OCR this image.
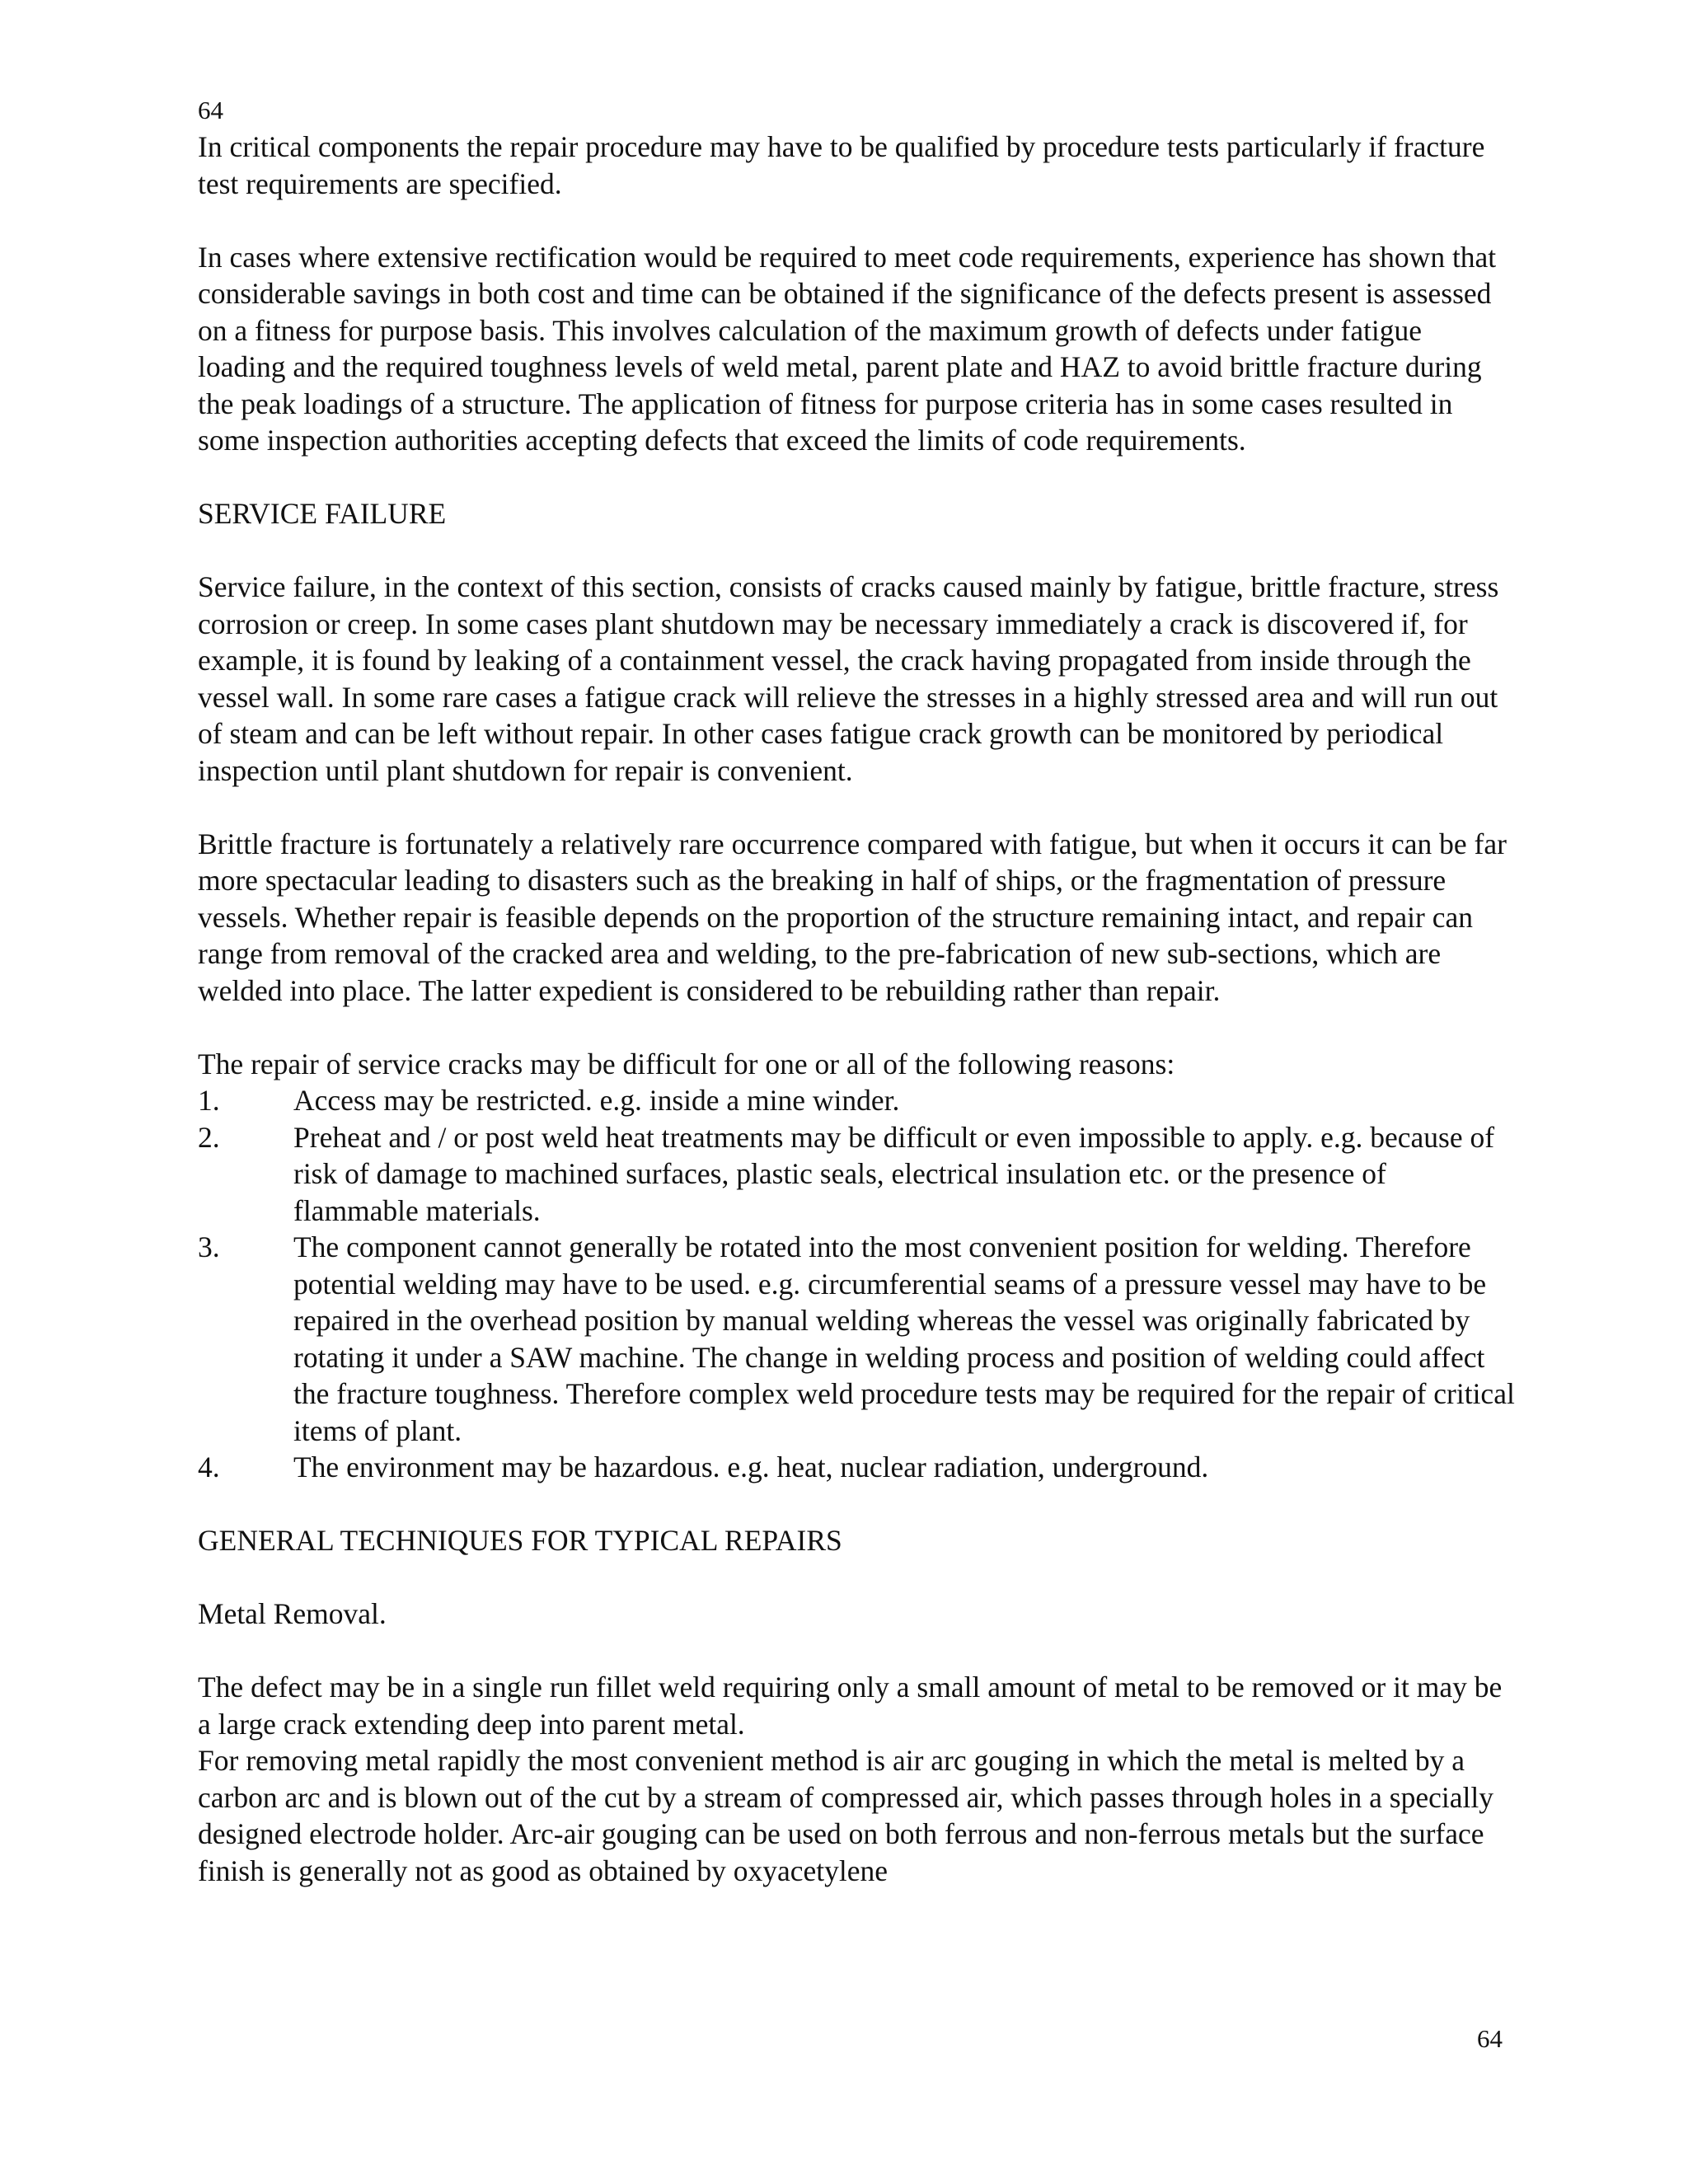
64

In critical components the repair procedure may have to be qualified by procedure tests particularly if fracture test requirements are specified.

In cases where extensive rectification would be required to meet code requirements, experience has shown that considerable savings in both cost and time can be obtained if the significance of the defects present is assessed on a fitness for purpose basis. This involves calculation of the maximum growth of defects under fatigue loading and the required toughness levels of weld metal, parent plate and HAZ to avoid brittle fracture during the peak loadings of a structure. The application of fitness for purpose criteria has in some cases resulted in some inspection authorities accepting defects that exceed the limits of code requirements.

SERVICE FAILURE

Service failure, in the context of this section, consists of cracks caused mainly by fatigue, brittle fracture, stress corrosion or creep. In some cases plant shutdown may be necessary immediately a crack is discovered if, for example, it is found by leaking of a containment vessel, the crack having propagated from inside through the vessel wall. In some rare cases a fatigue crack will relieve the stresses in a highly stressed area and will run out of steam and can be left without repair. In other cases fatigue crack growth can be monitored by periodical inspection until plant shutdown for repair is convenient.

Brittle fracture is fortunately a relatively rare occurrence compared with fatigue, but when it occurs it can be far more spectacular leading to disasters such as the breaking in half of ships, or the fragmentation of pressure vessels. Whether repair is feasible depends on the proportion of the structure remaining intact, and repair can range from removal of the cracked area and welding, to the pre-fabrication of new sub-sections, which are welded into place. The latter expedient is considered to be rebuilding rather than repair.

The repair of service cracks may be difficult for one or all of the following reasons:

1.	Access may be restricted. e.g. inside a mine winder.
2.	Preheat and / or post weld heat treatments may be difficult or even impossible to apply. e.g. because of risk of damage to machined surfaces, plastic seals, electrical insulation etc. or the presence of flammable materials.
3.	The component cannot generally be rotated into the most convenient position for welding. Therefore potential welding may have to be used. e.g. circumferential seams of a pressure vessel may have to be repaired in the overhead position by manual welding whereas the vessel was originally fabricated by rotating it under a SAW machine. The change in welding process and position of welding could affect the fracture toughness. Therefore complex weld procedure tests may be required for the repair of critical items of plant.
4.	The environment may be hazardous. e.g. heat, nuclear radiation, underground.
GENERAL TECHNIQUES FOR TYPICAL REPAIRS
Metal Removal.

The defect may be in a single run fillet weld requiring only a small amount of metal to be removed or it may be a large crack extending deep into parent metal.

For removing metal rapidly the most convenient method is air arc gouging in which the metal is melted by a carbon arc and is blown out of the cut by a stream of compressed air, which passes through holes in a specially designed electrode holder. Arc-air gouging can be used on both ferrous and non-ferrous metals but the surface finish is generally not as good as obtained by oxyacetylene

64
